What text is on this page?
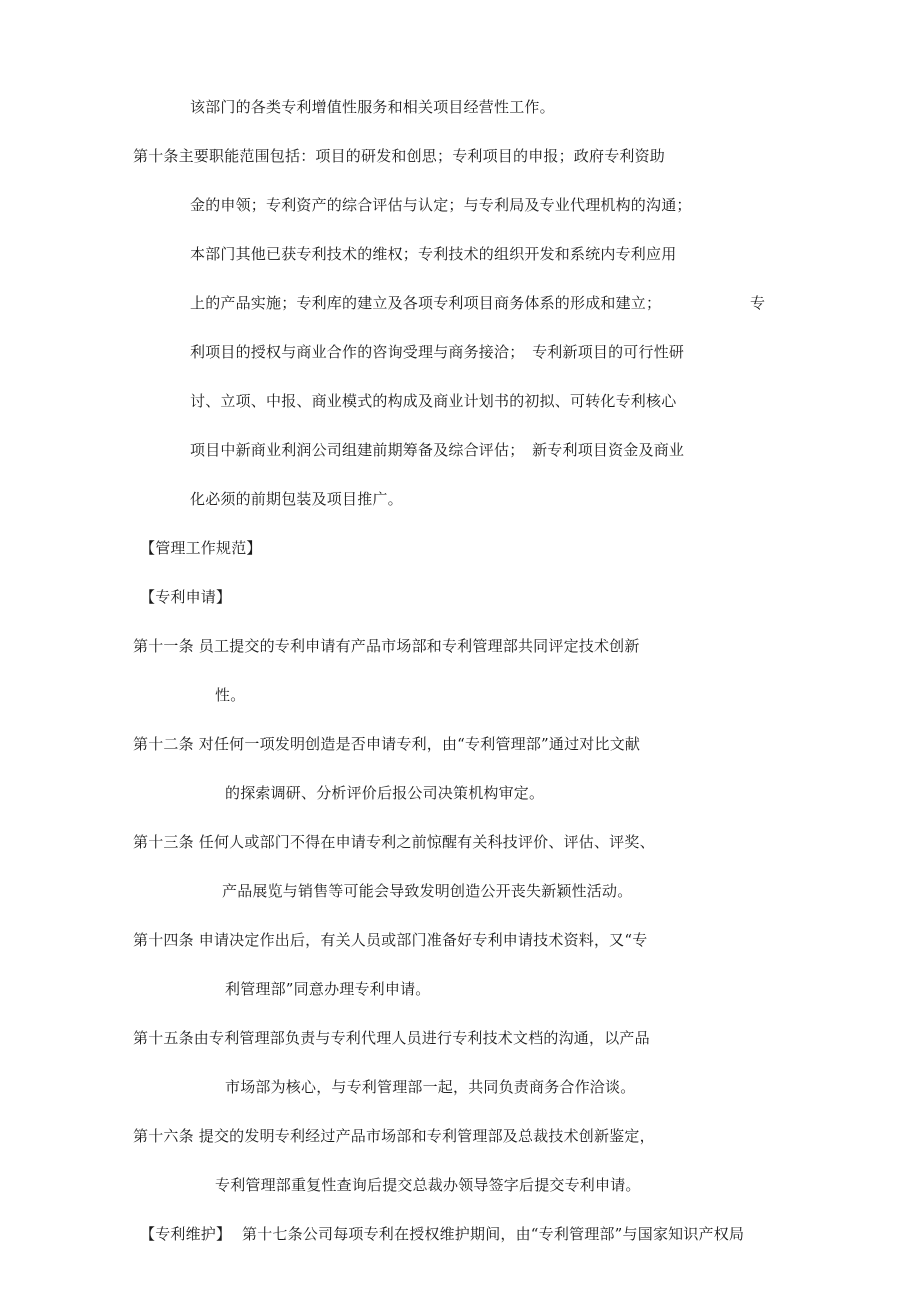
该部门的各类专利增值性服务和相关项目经营性工作。
第十条主要职能范围包括：项目的研发和创思；专利项目的申报；政府专利资助
金的申领；专利资产的综合评估与认定；与专利局及专业代理机构的沟通；
本部门其他已获专利技术的维权；专利技术的组织开发和系统内专利应用
上的产品实施；专利库的建立及各项专利项目商务体系的形成和建立；	专
利项目的授权与商业合作的咨询受理与商务接洽；　专利新项目的可行性研
讨、立项、中报、商业模式的构成及商业计划书的初拟、可转化专利核心
项目中新商业利润公司组建前期筹备及综合评估；　新专利项目资金及商业
化必须的前期包装及项目推广。
【管理工作规范】
【专利申请】
第十一条 员工提交的专利申请有产品市场部和专利管理部共同评定技术创新
性。
第十二条 对任何一项发明创造是否申请专利，由“专利管理部”通过对比文献
的探索调研、分析评价后报公司决策机构审定。
第十三条 任何人或部门不得在申请专利之前惊醒有关科技评价、评估、评奖、
产品展览与销售等可能会导致发明创造公开丧失新颖性活动。
第十四条 申请决定作出后，有关人员或部门准备好专利申请技术资料，又“专
利管理部”同意办理专利申请。
第十五条由专利管理部负责与专利代理人员进行专利技术文档的沟通，以产品
市场部为核心，与专利管理部一起，共同负责商务合作洽谈。
第十六条 提交的发明专利经过产品市场部和专利管理部及总裁技术创新鉴定，
专利管理部重复性查询后提交总裁办领导签字后提交专利申请。
【专利维护】 第十七条公司每项专利在授权维护期间，由“专利管理部”与国家知识产权局
